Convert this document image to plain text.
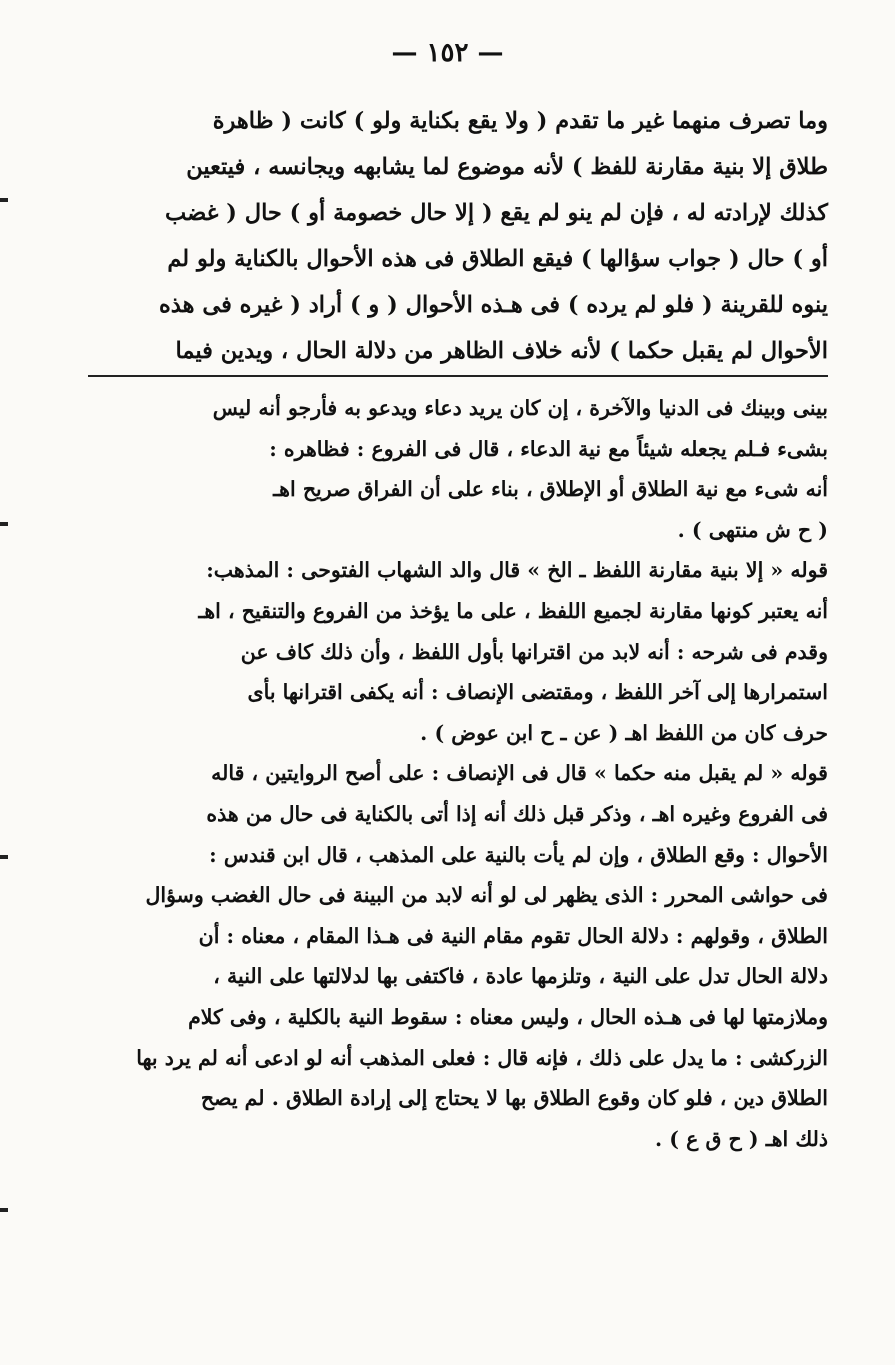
— ١٥٢ —

وما تصرف منهما غير ما تقدم ( ولا يقع بكناية ولو ) كانت ( ظاهرة

طلاق إلا بنية مقارنة للفظ ) لأنه موضوع لما يشابهه ويجانسه ، فيتعين

كذلك لإرادته له ، فإن لم ينو لم يقع ( إلا حال خصومة أو ) حال ( غضب

أو ) حال ( جواب سؤالها ) فيقع الطلاق فى هذه الأحوال بالكناية ولو لم

ينوه للقرينة ( فلو لم يرده ) فى هـذه الأحوال ( و ) أراد ( غيره فى هذه

الأحوال لم يقبل حكما ) لأنه خلاف الظاهر من دلالة الحال ، ويدين فيما

بينى وبينك فى الدنيا والآخرة ، إن كان يريد دعاء ويدعو به فأرجو أنه ليس

بشىء فـلم يجعله شيئاً مع نية الدعاء ، قال فى الفروع : فظاهره :

أنه شىء مع نية الطلاق أو الإطلاق ، بناء على أن الفراق صريح اهـ

( ح ش منتهى ) .

قوله « إلا بنية مقارنة اللفظ ـ الخ » قال والد الشهاب الفتوحى : المذهب:

أنه يعتبر كونها مقارنة لجميع اللفظ ، على ما يؤخذ من الفروع والتنقيح ، اهـ

وقدم فى شرحه : أنه لابد من اقترانها بأول اللفظ ، وأن ذلك كاف عن

استمرارها إلى آخر اللفظ ، ومقتضى الإنصاف : أنه يكفى اقترانها بأى

حرف كان من اللفظ اهـ ( عن ـ ح ابن عوض ) .

قوله « لم يقبل منه حكما » قال فى الإنصاف : على أصح الروايتين ، قاله

فى الفروع وغيره اهـ ، وذكر قبل ذلك أنه إذا أتى بالكناية فى حال من هذه

الأحوال : وقع الطلاق ، وإن لم يأت بالنية على المذهب ، قال ابن قندس :

فى حواشى المحرر : الذى يظهر لى لو أنه لابد من البينة فى حال الغضب وسؤال

الطلاق ، وقولهم : دلالة الحال تقوم مقام النية فى هـذا المقام ، معناه : أن

دلالة الحال تدل على النية ، وتلزمها عادة ، فاكتفى بها لدلالتها على النية ،

وملازمتها لها فى هـذه الحال ، وليس معناه : سقوط النية بالكلية ، وفى كلام

الزركشى : ما يدل على ذلك ، فإنه قال : فعلى المذهب أنه لو ادعى أنه لم يرد بها

الطلاق دين ، فلو كان وقوع الطلاق بها لا يحتاج إلى إرادة الطلاق . لم يصح

ذلك اهـ ( ح ق ع ) .
